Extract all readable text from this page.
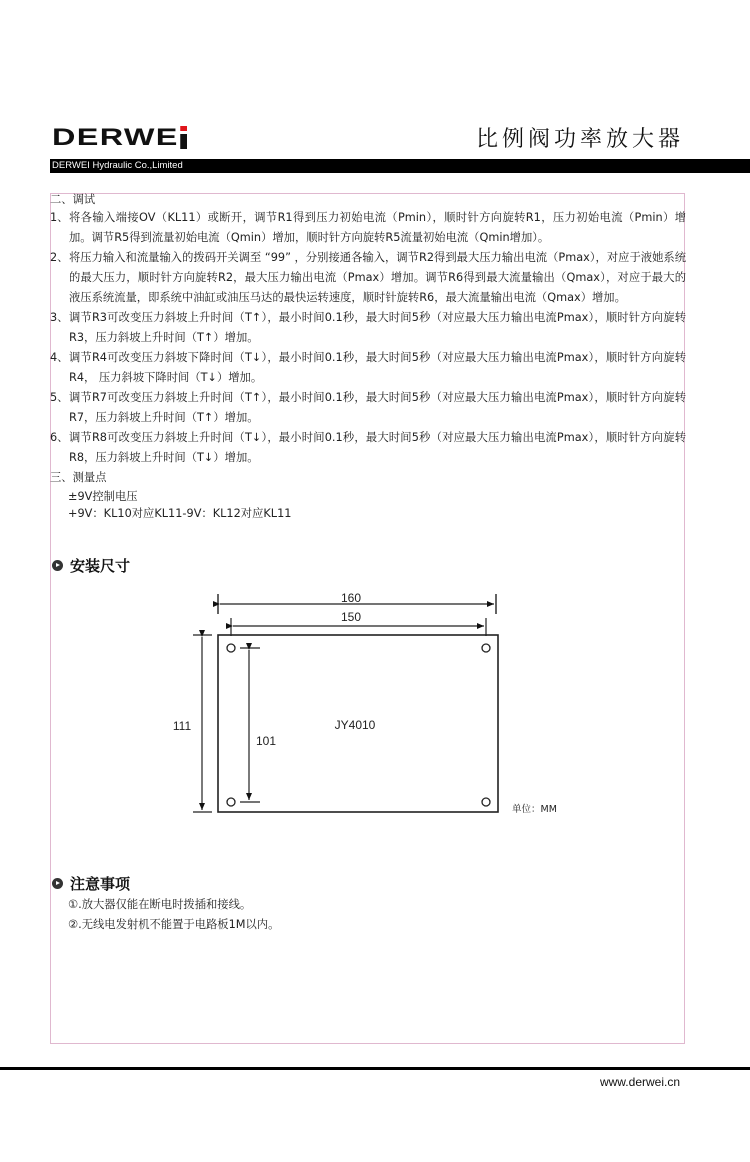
DERWE	比例阀功率放大器
DERWEI Hydraulic Co.,Limited
二、调试
1、 将各输入端接OV（KL11）或断开，调节R1得到压力初始电流（Pmin），顺时针方向旋转R1，压力初始电流（Pmin）增加。调节R5得到流量初始电流（Qmin）增加，顺时针方向旋转R5流量初始电流（Qmin增加）。
2、 将压力输入和流量输入的拨码开关调至 “99” ，分别接通各输入，调节R2得到最大压力输出电流（Pmax），对应于液她系统 的最大压力，顺时针方向旋转R2，最大压力输出电流（Pmax）增加。调节R6得到最大流量输出（Qmax），对应于最大的　 液压系统流量，即系统中油缸或油压马达的最快运转速度，顺时针旋转R6，最大流量输出电流（Qmax）增加。
3、 调节R3可改变压力斜坡上升时间（T↑），最小时间0.1秒，最大时间5秒（对应最大压力输出电流Pmax），顺时针方向旋转R3，压力斜坡上升时间（T↑）增加。
4、 调节R4可改变压力斜坡下降时间（T↓），最小时间0.1秒，最大时间5秒（对应最大压力输出电流Pmax），顺时针方向旋转R4， 压力斜坡下降时间（T↓）增加。
5、 调节R7可改变压力斜坡上升时间（T↑），最小时间0.1秒，最大时间5秒（对应最大压力输出电流Pmax），顺时针方向旋转R7，压力斜坡上升时间（T↑）增加。
6、 调节R8可改变压力斜坡上升时间（T↓），最小时间0.1秒，最大时间5秒（对应最大压力输出电流Pmax），顺时针方向旋转R8，压力斜坡上升时间（T↓）增加。
三、测量点
±9V控制电压
+9V：KL10对应KL11-9V：KL12对应KL11
安装尺寸
160
150
111
101
JY4010
单位：MM
注意事项
①.放大器仅能在断电时拨插和接线。
②.无线电发射机不能置于电路板1M以内。
www.derwei.cn
